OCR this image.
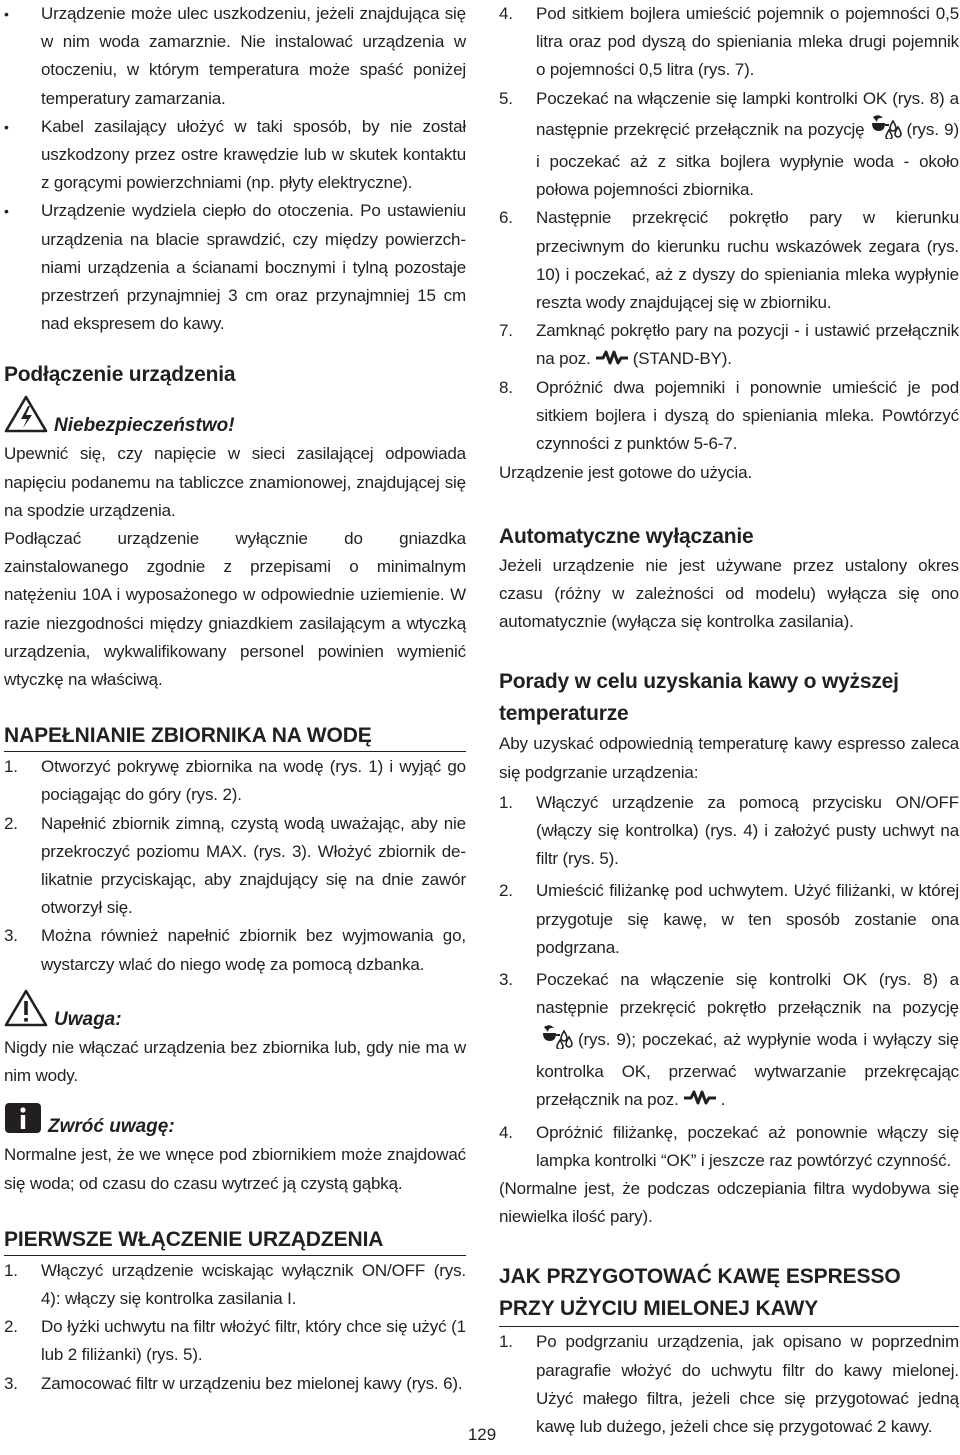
• Urządzenie może ulec uszkodzeniu, jeżeli znajdująca się w nim woda zamarznie. Nie instalować urządzenia w otoczeniu, w którym temperatura może spaść poniżej temperatury zamarzania.
• Kabel zasilający ułożyć w taki sposób, by nie został uszkodzony przez ostre krawędzie lub w skutek kontaktu z gorącymi powierzchniami (np. płyty elektryczne).
• Urządzenie wydziela ciepło do otoczenia. Po ustawieniu urządzenia na blacie sprawdzić, czy między powierzchniami urządzenia a ścianami bocznymi i tylną pozostaje przestrzeń przynajmniej 3 cm oraz przynajmniej 15 cm nad ekspresem do kawy.
Podłączenie urządzenia
Niebezpieczeństwo!

Upewnić się, czy napięcie w sieci zasilającej odpowiada napięciu podanemu na tabliczce znamionowej, znajdującej się na spodzie urządzenia.

Podłączać urządzenie wyłącznie do gniazdka zainstalowanego zgodnie z przepisami o minimalnym natężeniu 10A i wyposażonego w odpowiednie uziemienie. W razie niezgodności między gniazdkiem zasilającym a wtyczką urządzenia, wykwalifikowany personel powinien wymienić wtyczkę na właściwą.

NAPEŁNIANIE ZBIORNIKA NA WODĘ
1. Otworzyć pokrywę zbiornika na wodę (rys. 1) i wyjąć go pociągając do góry (rys. 2).
2. Napełnić zbiornik zimną, czystą wodą uważając, aby nie przekroczyć poziomu MAX. (rys. 3). Włożyć zbiornik delikatnie przyciskając, aby znajdujący się na dnie zawór otworzył się.
3. Można również napełnić zbiornik bez wyjmowania go, wystarczy wlać do niego wodę za pomocą dzbanka.
Uwaga:

Nigdy nie włączać urządzenia bez zbiornika lub, gdy nie ma w nim wody.

Zwróć uwagę:

Normalne jest, że we wnęce pod zbiornikiem może znajdować się woda; od czasu do czasu wytrzeć ją czystą gąbką.

PIERWSZE WŁĄCZENIE URZĄDZENIA
1. Włączyć urządzenie wciskając wyłącznik ON/OFF (rys. 4): włączy się kontrolka zasilania I.
2. Do łyżki uchwytu na filtr włożyć filtr, który chce się użyć (1 lub 2 filiżanki) (rys. 5).
3. Zamocować filtr w urządzeniu bez mielonej kawy (rys. 6).
4. Pod sitkiem bojlera umieścić pojemnik o pojemności 0,5 litra oraz pod dyszą do spieniania mleka drugi pojemnik o pojemności 0,5 litra (rys. 7).
5. Poczekać na włączenie się lampki kontrolki OK (rys. 8) a następnie przekręcić przełącznik na pozycję (rys. 9) i poczekać aż z sitka bojlera wypłynie woda - około połowa pojemności zbiornika.
6. Następnie przekręcić pokrętło pary w kierunku przeciwnym do kierunku ruchu wskazówek zegara (rys. 10) i poczekać, aż z dyszy do spieniania mleka wypłynie reszta wody znajdującej się w zbiorniku.
7. Zamknąć pokrętło pary na pozycji - i ustawić przełącznik na poz. (STAND-BY).
8. Opróżnić dwa pojemniki i ponownie umieścić je pod sitkiem bojlera i dyszą do spieniania mleka. Powtórzyć czynności z punktów 5-6-7.

Urządzenie jest gotowe do użycia.

Automatyczne wyłączanie

Jeżeli urządzenie nie jest używane przez ustalony okres czasu (różny w zależności od modelu) wyłącza się ono automatycznie (wyłącza się kontrolka zasilania).

Porady w celu uzyskania kawy o wyższej temperaturze

Aby uzyskać odpowiednią temperaturę kawy espresso zaleca się podgrzanie urządzenia:

1. Włączyć urządzenie za pomocą przycisku ON/OFF (włączy się kontrolka) (rys. 4) i założyć pusty uchwyt na filtr (rys. 5).
2. Umieścić filiżankę pod uchwytem. Użyć filiżanki, w której przygotuje się kawę, w ten sposób zostanie ona podgrzana.
3. Poczekać na włączenie się kontrolki OK (rys. 8) a następnie przekręcić pokrętło przełącznik na pozycję(rys. 9); poczekać, aż wypłynie woda i wyłączy się kontrolka OK, przerwać wytwarzanie przekręcając przełącznik na poz. .
4. Opróżnić filiżankę, poczekać aż ponownie włączy się lampka kontrolki “OK” i jeszcze raz powtórzyć czynność.

(Normalne jest, że podczas odczepiania filtra wydobywa się niewielka ilość pary).

JAK PRZYGOTOWAĆ KAWĘ ESPRESSO PRZY UŻYCIU MIELONEJ KAWY
1. Po podgrzaniu urządzenia, jak opisano w poprzednim paragrafie włożyć do uchwytu filtr do kawy mielonej. Użyć małego filtra, jeżeli chce się przygotować jedną kawę lub dużego, jeżeli chce się przygotować 2 kawy.
129
